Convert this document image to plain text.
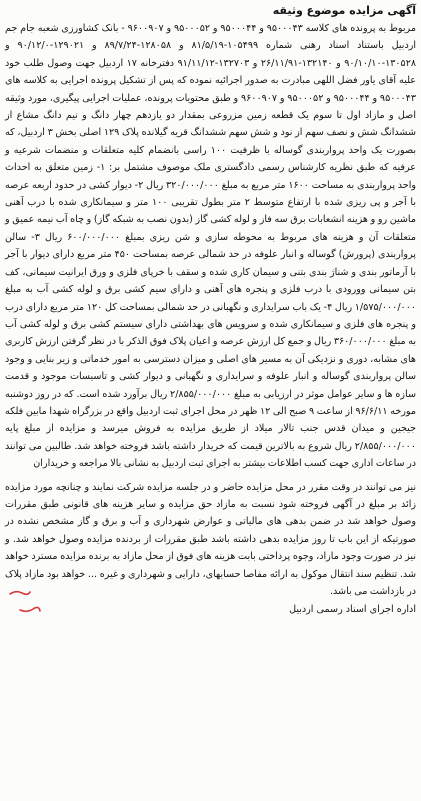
آگهی مزایده موضوع وثیقه

مربوط به پرونده های کلاسه ۹۵۰۰۰۴۳ و ۹۵۰۰۰۴۴ و ۹۵۰۰۰۵۲ و ۹۶۰۰۹۰۷ - بانک کشاورزی شعبه جام جم اردبیل باستناد اسناد رهنی شماره ۱۰۵۴۹۹-۸۱/۵/۱۹ و ۱۲۸۰۵۸-۸۹/۷/۲۴ و ۱۲۹۰۲۱-۹۰/۱۲/۰ و ۱۳۰۵۲۸-۹۰/۱۰/۱۰ و ۱۳۲۱۴۰-۲۶/۱۱/۹۱ و ۱۳۲۷۰۳-۹۱/۱۱/۱۲ دفترخانه ۱۷ اردبیل جهت وصول طلب خود علیه آقای یاور فضل اللهی مبادرت به صدور اجرائیه نموده که پس از تشکیل پرونده اجرایی به کلاسه های ۹۵۰۰۰۴۳ و ۹۵۰۰۰۴۴ و ۹۵۰۰۰۵۲ و ۹۶۰۰۹۰۷ و طبق محتویات پرونده، عملیات اجرایی پیگیری، مورد وثیقه اصل و مازاد اول تا سوم یک قطعه زمین مزروعی بمقدار دو یازدهم چهار دانگ و نیم دانگ مشاع از ششدانگ شش و نصف سهم از نود و شش سهم ششدانگ قریه گیلانده پلاک ۱۲۹ اصلی بخش ۳ اردبیل، که بصورت یک واحد پرواربندی گوساله با ظرفیت ۱۰۰ راسی بانضمام کلیه متعلقات و منضمات شرعیه و عرفیه که طبق نظریه کارشناس رسمی دادگستری ملک موصوف مشتمل بر: ۱- زمین متعلق به احداث واحد پرواربندی به مساحت ۱۶۰۰ متر مربع به مبلغ ۳۲۰/۰۰۰/۰۰۰ ریال ۲- دیوار کشی در حدود اربعه عرصه با آجر و پی ریزی شده با ارتفاع متوسط ۲ متر بطول تقریبی ۱۰۰ متر و سیمانکاری شده با درب آهنی ماشین رو و هزینه انشعابات برق سه فاز و لوله کشی گاز (بدون نصب به شبکه گاز) و چاه آب نیمه عمیق و متعلقات آن و هزینه های مربوط به محوطه سازی و شن ریزی بمبلغ ۶۰۰/۰۰۰/۰۰۰ ریال ۳- سالن پرواربندی (پرورش) گوساله و انبار علوفه در حد شمالی عرصه بمساحت ۴۵۰ متر مربع دارای دیوار با آجر با آرماتور بندی و شناژ بندی بتنی و سیمان کاری شده و سقف با خرپای فلزی و ورق ایرانیت سیمانی، کف بتن سیمانی وورودی با درب فلزی و پنجره های آهنی و دارای سیم کشی برق و لوله کشی آب به مبلغ ۱/۵۷۵/۰۰۰/۰۰۰ ریال ۴- یک باب سرایداری و نگهبانی در حد شمالی بمساحت کل ۱۲۰ متر مربع دارای درب و پنجره های فلزی و سیمانکاری شده و سرویس های بهداشتی دارای سیستم کشی برق و لوله کشی آب به مبلغ ۳۶۰/۰۰۰/۰۰۰ ریال و جمع کل ارزش عرصه و اعیان پلاک فوق الذکر با در نظر گرفتن ارزش کاربری های مشابه، دوری و نزدیکی آن به مسیر های اصلی و میزان دسترسی به امور خدماتی و زیر بنایی و وجود سالن پرواربندی گوساله و انبار علوفه و سرایداری و نگهبانی و دیوار کشی و تاسیسات موجود و قدمت سازه ها و سایر عوامل موثر در ارزیابی به مبلغ ۲/۸۵۵/۰۰۰/۰۰۰ ریال برآورد شده است. که در روز دوشنبه مورخه ۹۶/۶/۱۱ از ساعت ۹ صبح الی ۱۲ ظهر در محل اجرای ثبت اردبیل واقع در بزرگراه شهدا مابین فلکه جیجین و میدان قدس جنب تالار میلاد از طریق مزایده به فروش میرسد و مزایده از مبلغ پایه ۲/۸۵۵/۰۰۰/۰۰۰ ریال شروع به بالاترین قیمت که خریدار داشته باشد فروخته خواهد شد. طالبین می توانند در ساعات اداری جهت کسب اطلاعات بیشتر به اجرای ثبت اردبیل به نشانی بالا مراجعه و خریداران

نیز می توانند در وقت مقرر در محل مزایده حاضر و در جلسه مزایده شرکت نمایند و چنانچه مورد مزایده زائد بر مبلغ در آگهی فروخته شود نسبت به مازاد حق مزایده و سایر هزینه های قانونی طبق مقررات وصول خواهد شد در ضمن بدهی های مالیاتی و عوارض شهرداری و آب و برق و گاز مشخص نشده در صورتیکه از این باب تا روز مزایده بدهی داشته باشد طبق مقررات از بردنده مزایده وصول خواهد شد. و نیز در صورت وجود مازاد، وجوه پرداختی بابت هزینه های فوق از محل مازاد به برنده مزایده مسترد خواهد شد. تنظیم سند انتقال موکول به ارائه مفاصا حسابهای، دارایی و شهرداری و غیره ... خواهد بود مازاد پلاک در بازداشت می باشد.

اداره اجرای اسناد رسمی اردبیل
